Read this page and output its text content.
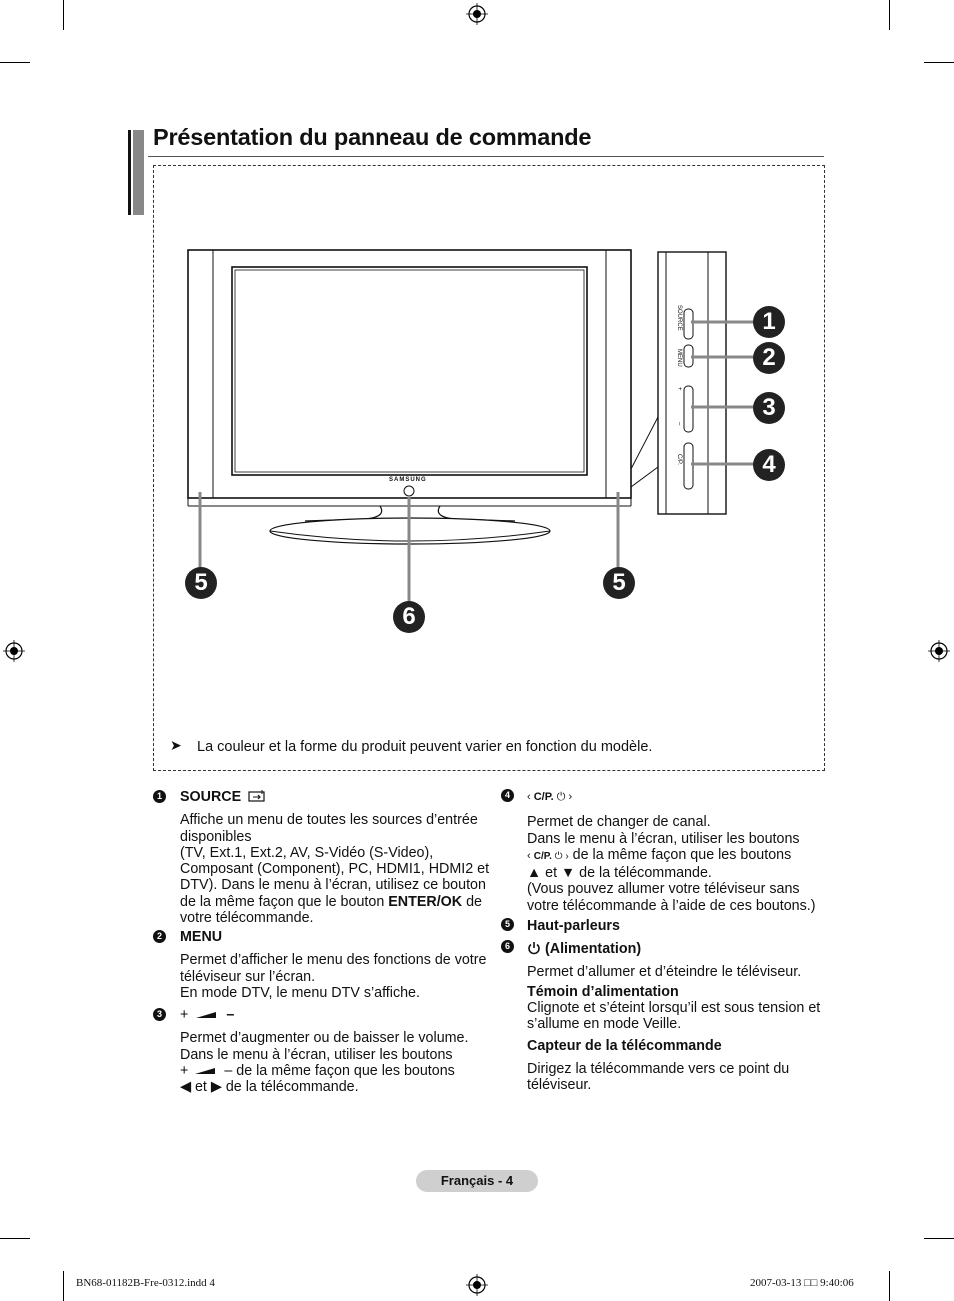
Présentation du panneau de commande
SAMSUNG
SOURCE
MENU
+
–
C/P.
1
2
3
4
5	5
6
➤ La couleur et la forme du produit peuvent varier en fonction du modèle.
1 SOURCE
Affiche un menu de toutes les sources d’entrée
disponibles
(TV, Ext.1, Ext.2, AV, S-Vidéo (S-Video),
Composant (Component), PC, HDMI1, HDMI2 et
DTV). Dans le menu à l’écran, utilisez ce bouton
de la même façon que le bouton ENTER/OK de
votre télécommande.
2 MENU
Permet d’afficher le menu des fonctions de votre
téléviseur sur l’écran.
En mode DTV, le menu DTV s’affiche.
3 +	–
Permet d’augmenter ou de baisser le volume.
Dans le menu à l’écran, utiliser les boutons
+	– de la même façon que les boutons
◀ et ▶ de la télécommande.
4	‹ C/P. ⏻ ›
Permet de changer de canal.
Dans le menu à l’écran, utiliser les boutons
‹ C/P. ⏻ › de la même façon que les boutons
▲ et ▼ de la télécommande.
(Vous pouvez allumer votre téléviseur sans
votre télécommande à l’aide de ces boutons.)
5 Haut-parleurs
6	(Alimentation)
Permet d’allumer et d’éteindre le téléviseur.
Témoin d’alimentation
Clignote et s’éteint lorsqu’il est sous tension et
s’allume en mode Veille.
Capteur de la télécommande
Dirigez la télécommande vers ce point du
téléviseur.
Français - 4
BN68-01182B-Fre-0312.indd 4	2007-03-13 □□ 9:40:06
